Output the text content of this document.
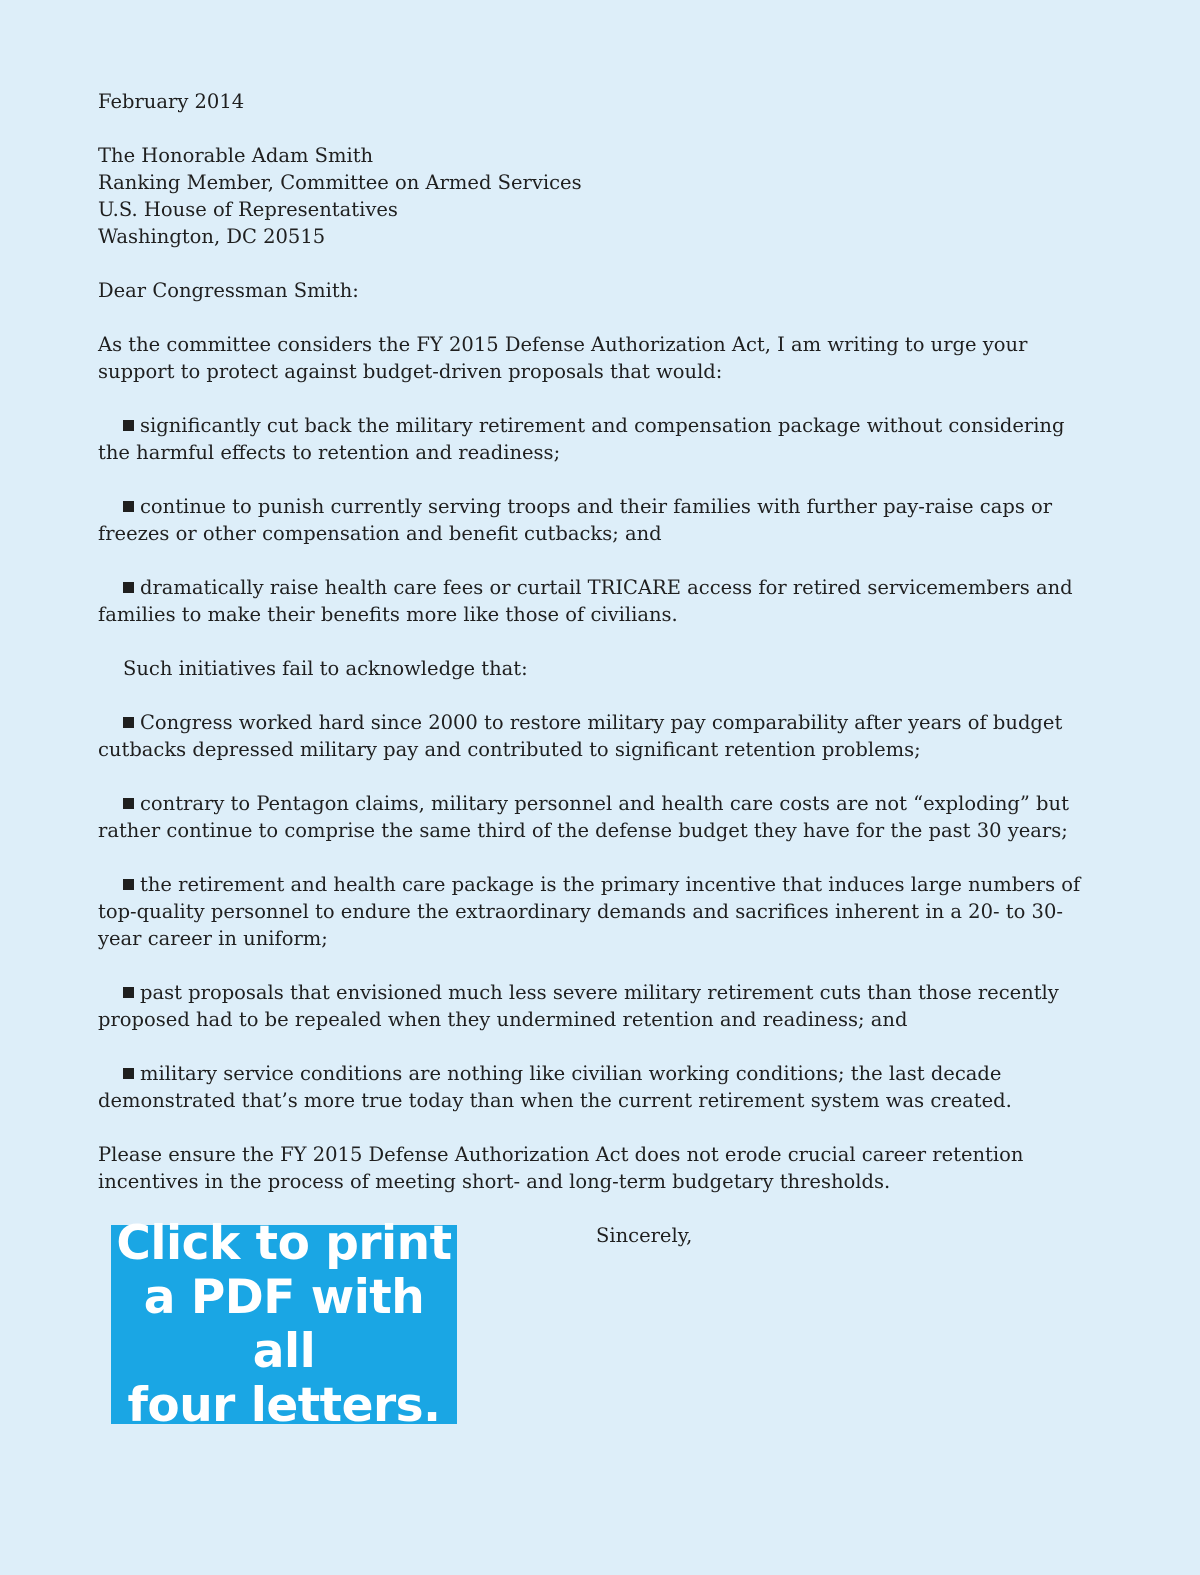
February 2014
The Honorable Adam Smith
Ranking Member, Committee on Armed Services
U.S. House of Representatives
Washington, DC 20515
Dear Congressman Smith:
As the committee considers the FY 2015 Defense Authorization Act, I am writing to urge your support to protect against budget-driven proposals that would:
significantly cut back the military retirement and compensation package without considering the harmful effects to retention and readiness;
continue to punish currently serving troops and their families with further pay-raise caps or freezes or other compensation and benefit cutbacks; and
dramatically raise health care fees or curtail TRICARE access for retired servicemembers and families to make their benefits more like those of civilians.
Such initiatives fail to acknowledge that:
Congress worked hard since 2000 to restore military pay comparability after years of budget cutbacks depressed military pay and contributed to significant retention problems;
contrary to Pentagon claims, military personnel and health care costs are not “exploding” but rather continue to comprise the same third of the defense budget they have for the past 30 years;
the retirement and health care package is the primary incentive that induces large numbers of top-quality personnel to endure the extraordinary demands and sacrifices inherent in a 20- to 30-year career in uniform;
past proposals that envisioned much less severe military retirement cuts than those recently proposed had to be repealed when they undermined retention and readiness; and
military service conditions are nothing like civilian working conditions; the last decade demonstrated that’s more true today than when the current retirement system was created.
Please ensure the FY 2015 Defense Authorization Act does not erode crucial career retention incentives in the process of meeting short- and long-term budgetary thresholds.
Sincerely,
Click to print
a PDF with all
four letters.
